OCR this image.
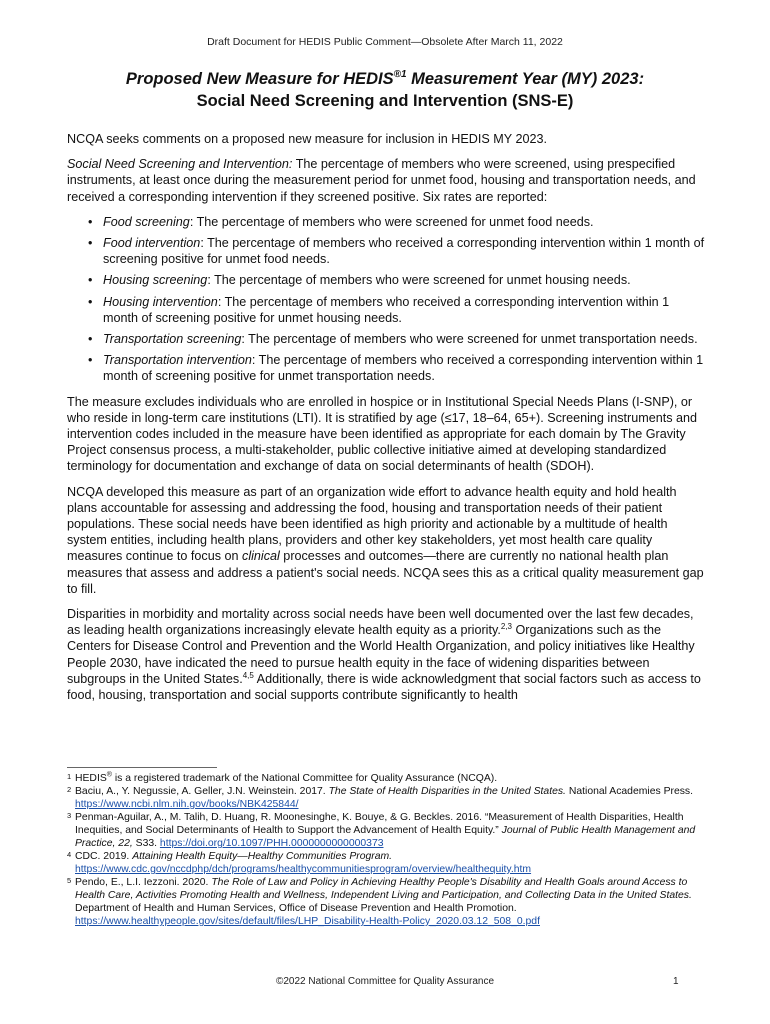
Draft Document for HEDIS Public Comment—Obsolete After March 11, 2022
Proposed New Measure for $HEDIS^{®1}$ Measurement Year (MY) 2023:
Social Need Screening and Intervention (SNS-E)

NCQA seeks comments on a proposed new measure for inclusion in HEDIS MY 2023.

Social Need Screening and Intervention: The percentage of members who were screened, using prespecified instruments, at least once during the measurement period for unmet food, housing and transportation needs, and received a corresponding intervention if they screened positive. Six rates are reported:

• Food screening: The percentage of members who were screened for unmet food needs.
• Food intervention: The percentage of members who received a corresponding intervention within 1 month of screening positive for unmet food needs.
• Housing screening: The percentage of members who were screened for unmet housing needs.
• Housing intervention: The percentage of members who received a corresponding intervention within 1 month of screening positive for unmet housing needs.
• Transportation screening: The percentage of members who were screened for unmet transportation needs.
• Transportation intervention: The percentage of members who received a corresponding intervention within 1 month of screening positive for unmet transportation needs.

The measure excludes individuals who are enrolled in hospice or in Institutional Special Needs Plans (I-SNP), or who reside in long-term care institutions (LTI). It is stratified by age (≤17, 18–64, 65+). Screening instruments and intervention codes included in the measure have been identified as appropriate for each domain by The Gravity Project consensus process, a multi-stakeholder, public collective initiative aimed at developing standardized terminology for documentation and exchange of data on social determinants of health (SDOH).

NCQA developed this measure as part of an organization wide effort to advance health equity and hold health plans accountable for assessing and addressing the food, housing and transportation needs of their patient populations. These social needs have been identified as high priority and actionable by a multitude of health system entities, including health plans, providers and other key stakeholders, yet most health care quality measures continue to focus on clinical processes and outcomes—there are currently no national health plan measures that assess and address a patient's social needs. NCQA sees this as a critical quality measurement gap to fill.

Disparities in morbidity and mortality across social needs have been well documented over the last few decades, as leading health organizations increasingly elevate health equity as a priority.$^{2,3}$ Organizations such as the Centers for Disease Control and Prevention and the World Health Organization, and policy initiatives like Healthy People 2030, have indicated the need to pursue health equity in the face of widening disparities between subgroups in the United States.$^{4,5}$ Additionally, there is wide acknowledgment that social factors such as access to food, housing, transportation and social supports contribute significantly to health

1 HEDIS® is a registered trademark of the National Committee for Quality Assurance (NCQA).
2 Baciu, A., Y. Negussie, A. Geller, J.N. Weinstein. 2017. The State of Health Disparities in the United States. National Academies Press. https://www.ncbi.nlm.nih.gov/books/NBK425844/
3 Penman-Aguilar, A., M. Talih, D. Huang, R. Moonesinghe, K. Bouye, & G. Beckles. 2016. “Measurement of Health Disparities, Health Inequities, and Social Determinants of Health to Support the Advancement of Health Equity.” Journal of Public Health Management and Practice, 22, S33. https://doi.org/10.1097/PHH.0000000000000373
4 CDC. 2019. Attaining Health Equity—Healthy Communities Program.
https://www.cdc.gov/nccdphp/dch/programs/healthycommunitiesprogram/overview/healthequity.htm
5 Pendo, E., L.I. Iezzoni. 2020. The Role of Law and Policy in Achieving Healthy People's Disability and Health Goals around Access to Health Care, Activities Promoting Health and Wellness, Independent Living and Participation, and Collecting Data in the United States. Department of Health and Human Services, Office of Disease Prevention and Health Promotion.
https://www.healthypeople.gov/sites/default/files/LHP_Disability-Health-Policy_2020.03.12_508_0.pdf
©2022 National Committee for Quality Assurance	1
